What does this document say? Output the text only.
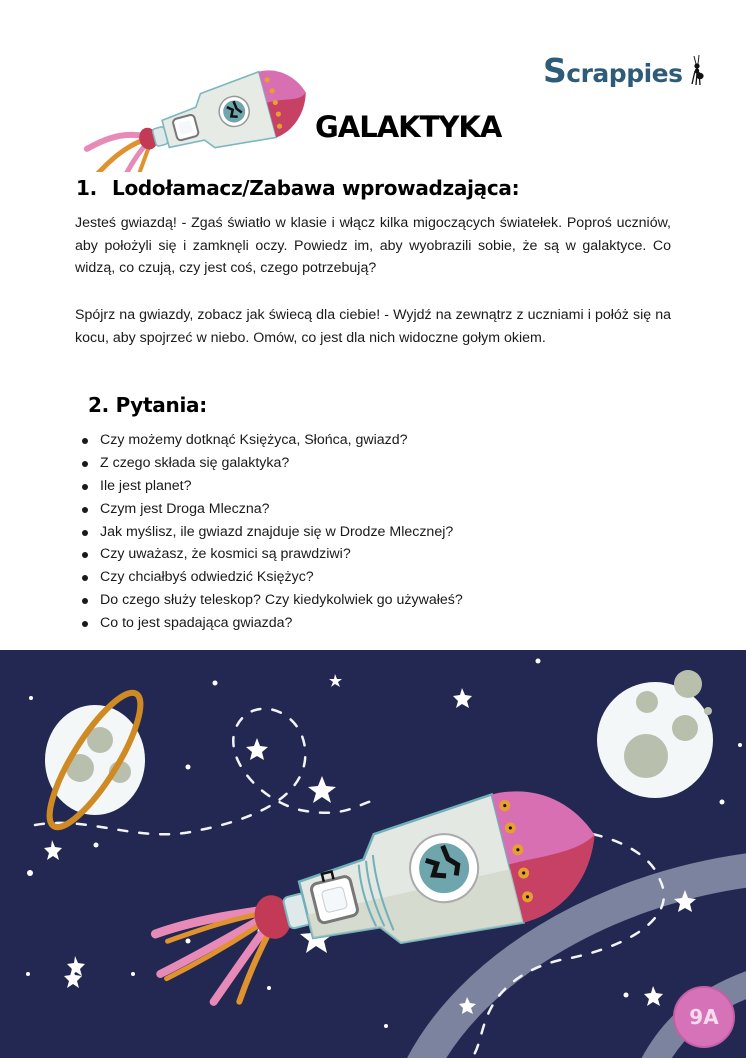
Scrappies
GALAKTYKA
1. Lodołamacz/Zabawa wprowadzająca:

Jesteś gwiazdą! - Zgaś światło w klasie i włącz kilka migoczących światełek. Poproś uczniów, aby położyli się i zamknęli oczy. Powiedz im, aby wyobrazili sobie, że są w galaktyce. Co widzą, co czują, czy jest coś, czego potrzebują?

Spójrz na gwiazdy, zobacz jak świecą dla ciebie! - Wyjdź na zewnątrz z uczniami i połóż się na kocu, aby spojrzeć w niebo. Omów, co jest dla nich widoczne gołym okiem.

2. Pytania:
Czy możemy dotknąć Księżyca, Słońca, gwiazd?
Z czego składa się galaktyka?
Ile jest planet?
Czym jest Droga Mleczna?
Jak myślisz, ile gwiazd znajduje się w Drodze Mlecznej?
Czy uważasz, że kosmici są prawdziwi?
Czy chciałbyś odwiedzić Księżyc?
Do czego służy teleskop? Czy kiedykolwiek go używałeś?
Co to jest spadająca gwiazda?
9A
